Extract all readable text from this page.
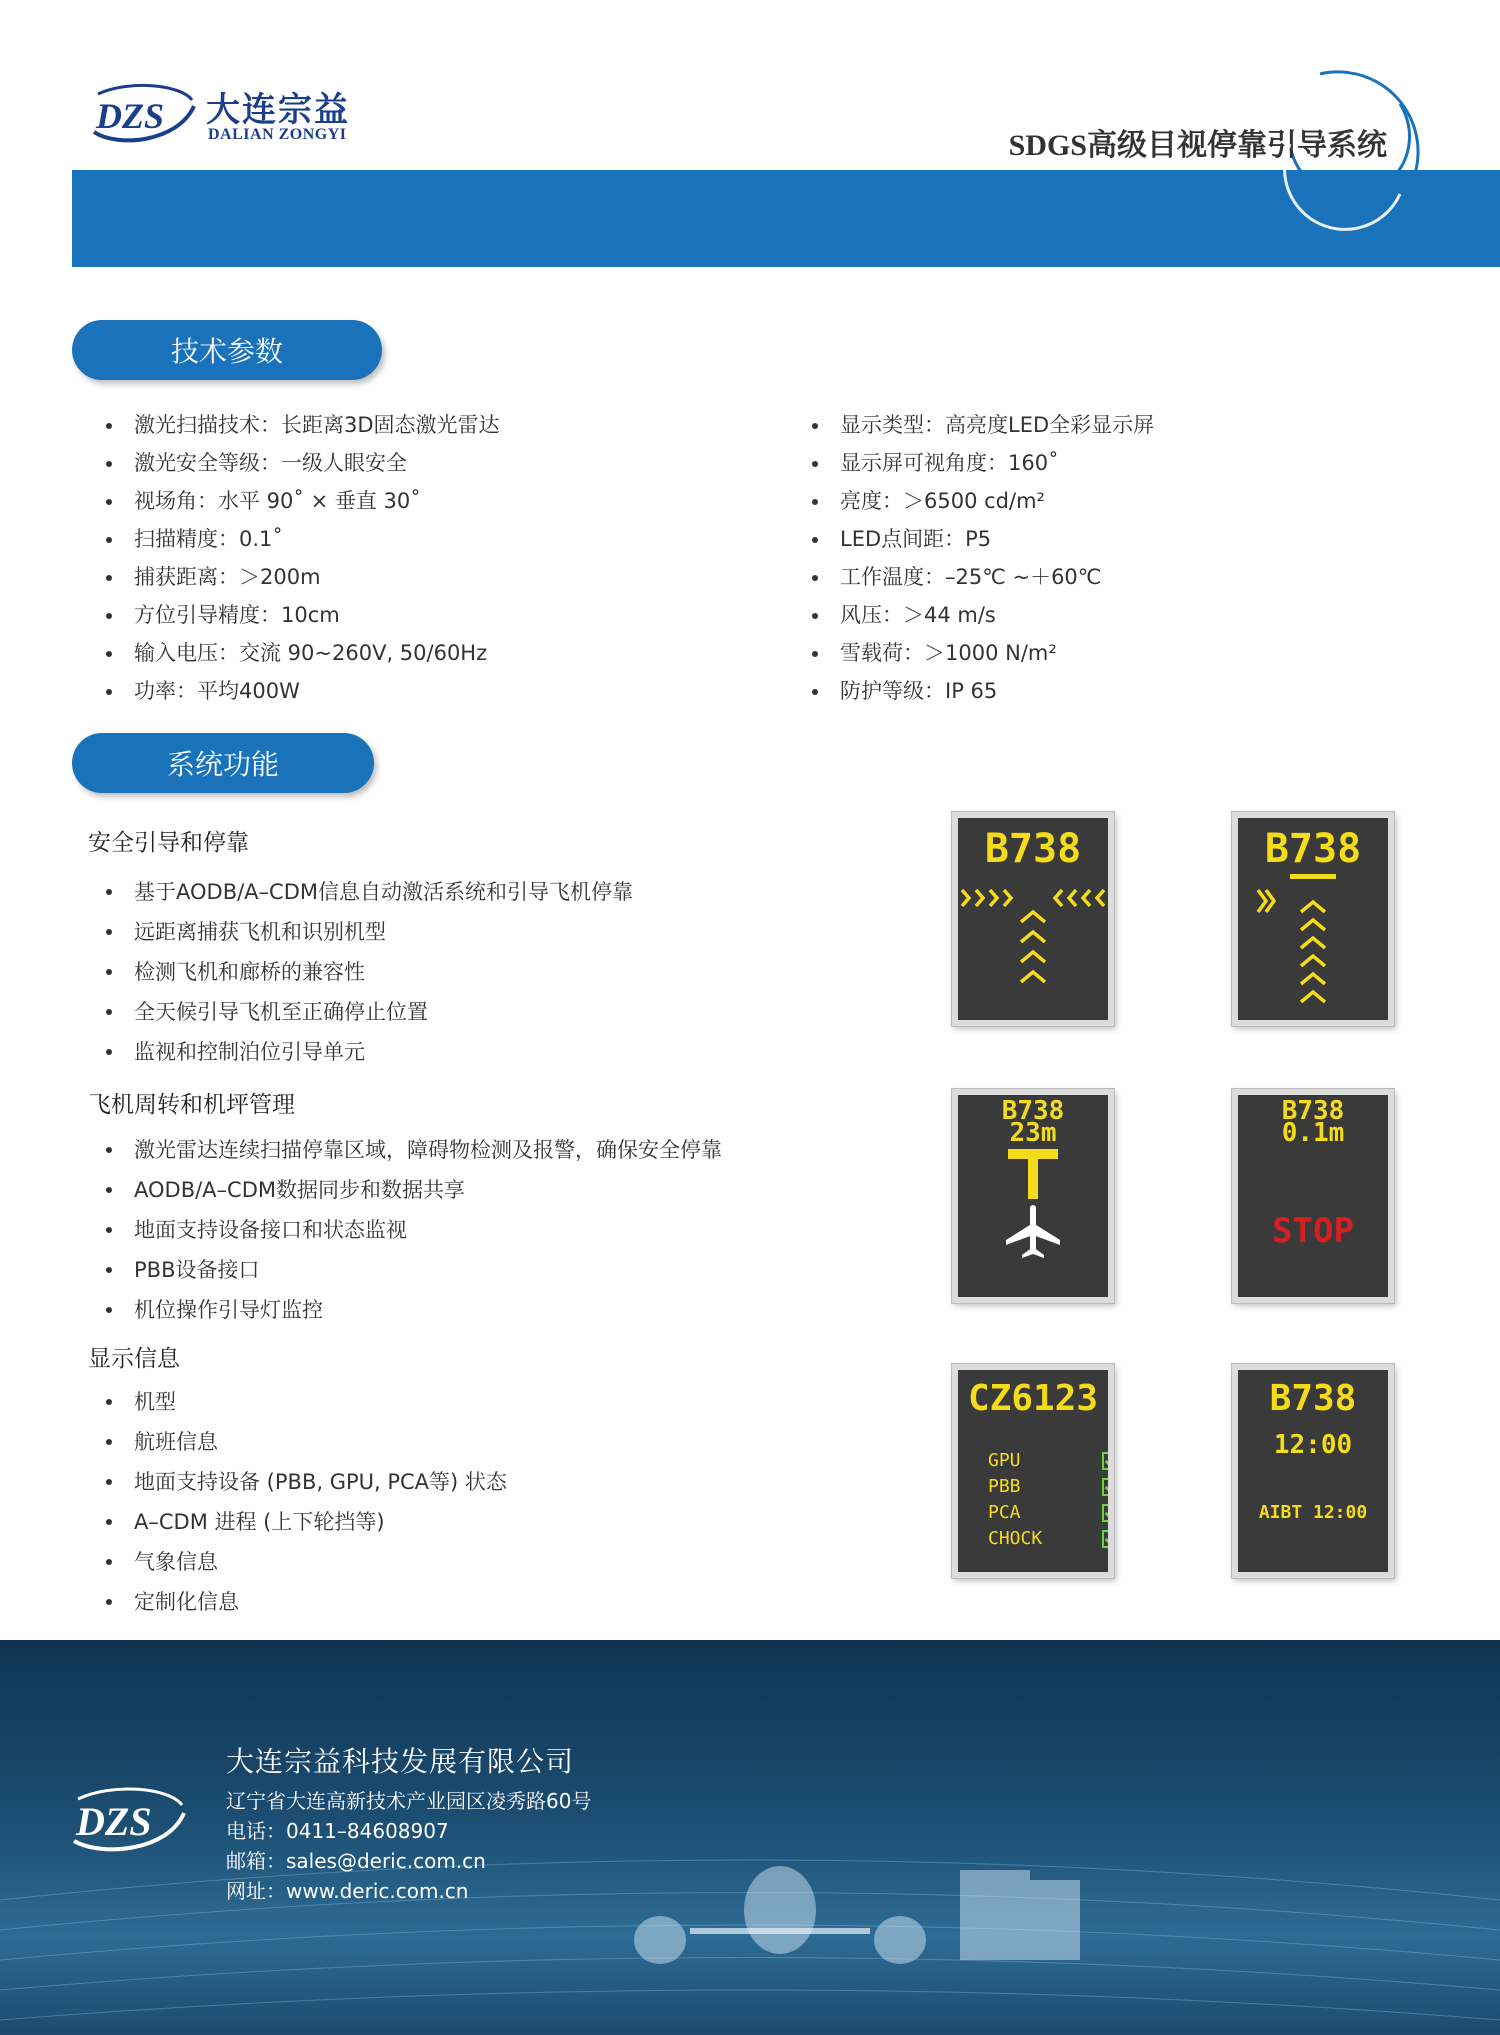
DZS 大连宗益
DALIAN ZONGYI	SDGS高级目视停靠引导系统
技术参数
激光扫描技术：长距离3D固态激光雷达
激光安全等级：一级人眼安全
视场角：水平 90˚ × 垂直 30˚
扫描精度：0.1˚
捕获距离：＞200m
方位引导精度：10cm
输入电压：交流 90~260V, 50/60Hz
功率：平均400W
显示类型：高亮度LED全彩显示屏
显示屏可视角度：160˚
亮度：＞6500 cd/m²
LED点间距：P5
工作温度：–25℃ ~＋60℃
风压：＞44 m/s
雪载荷：＞1000 N/m²
防护等级：IP 65
系统功能
安全引导和停靠
基于AODB/A–CDM信息自动激活系统和引导飞机停靠
远距离捕获飞机和识别机型
检测飞机和廊桥的兼容性
全天候引导飞机至正确停止位置
监视和控制泊位引导单元
飞机周转和机坪管理
激光雷达连续扫描停靠区域，障碍物检测及报警，确保安全停靠
AODB/A–CDM数据同步和数据共享
地面支持设备接口和状态监视
PBB设备接口
机位操作引导灯监控
显示信息
机型
航班信息
地面支持设备 (PBB, GPU, PCA等) 状态
A–CDM 进程 (上下轮挡等)
气象信息
定制化信息
B738	B738
B738
23m
B738
0.1m
STOP
CZ6123
GPU
PBB
PCA
CHOCK
B738
12:00
AIBT 12:00
DZS
大连宗益科技发展有限公司
辽宁省大连高新技术产业园区凌秀路60号
电话：0411–84608907
邮箱：sales@deric.com.cn
网址：www.deric.com.cn
